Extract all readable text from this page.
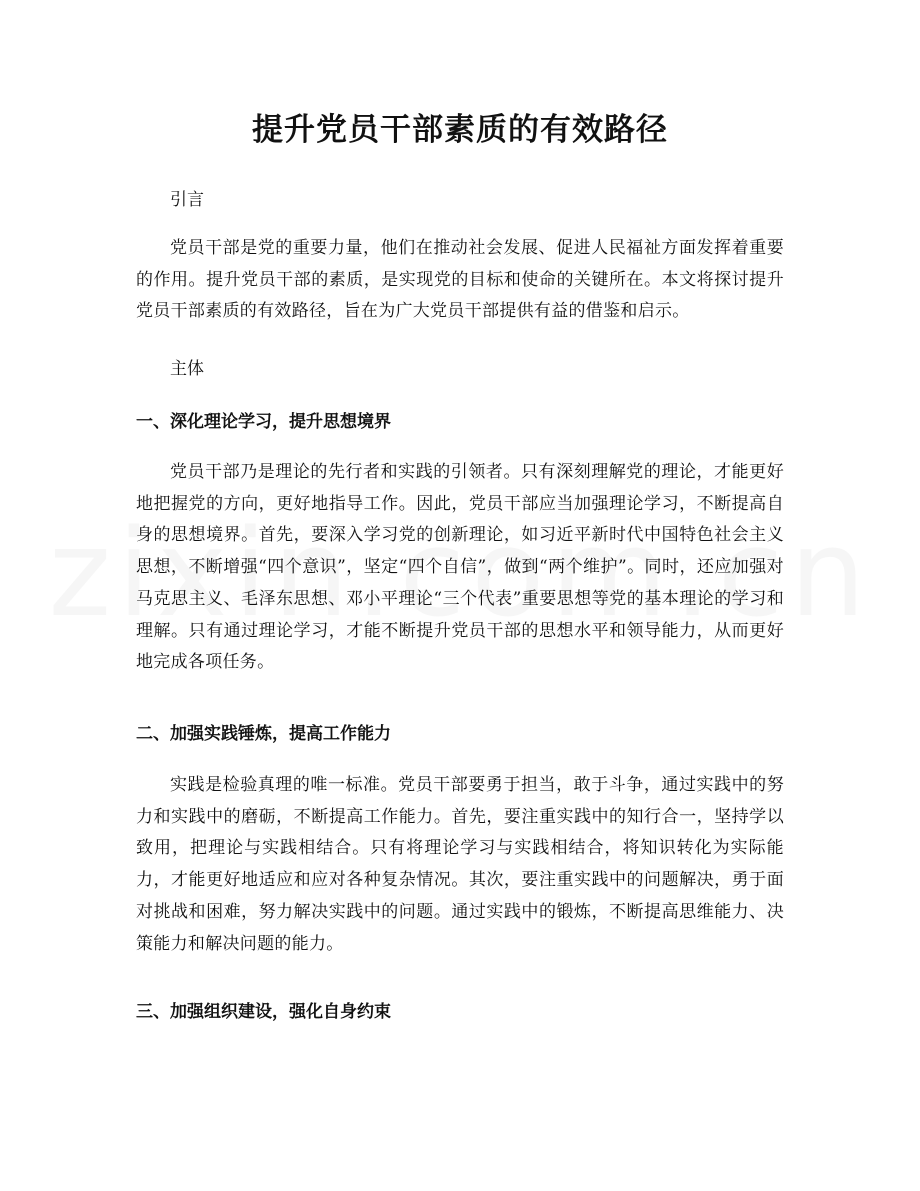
提升党员干部素质的有效路径

引言

党员干部是党的重要力量，他们在推动社会发展、促进人民福祉方面发挥着重要的作用。提升党员干部的素质，是实现党的目标和使命的关键所在。本文将探讨提升党员干部素质的有效路径，旨在为广大党员干部提供有益的借鉴和启示。

主体

一、深化理论学习，提升思想境界

党员干部乃是理论的先行者和实践的引领者。只有深刻理解党的理论，才能更好地把握党的方向，更好地指导工作。因此，党员干部应当加强理论学习，不断提高自身的思想境界。首先，要深入学习党的创新理论，如习近平新时代中国特色社会主义思想，不断增强“四个意识”，坚定“四个自信”，做到“两个维护”。同时，还应加强对马克思主义、毛泽东思想、邓小平理论“三个代表”重要思想等党的基本理论的学习和理解。只有通过理论学习，才能不断提升党员干部的思想水平和领导能力，从而更好地完成各项任务。

二、加强实践锤炼，提高工作能力

实践是检验真理的唯一标准。党员干部要勇于担当，敢于斗争，通过实践中的努力和实践中的磨砺，不断提高工作能力。首先，要注重实践中的知行合一，坚持学以致用，把理论与实践相结合。只有将理论学习与实践相结合，将知识转化为实际能力，才能更好地适应和应对各种复杂情况。其次，要注重实践中的问题解决，勇于面对挑战和困难，努力解决实践中的问题。通过实践中的锻炼，不断提高思维能力、决策能力和解决问题的能力。

三、加强组织建设，强化自身约束
